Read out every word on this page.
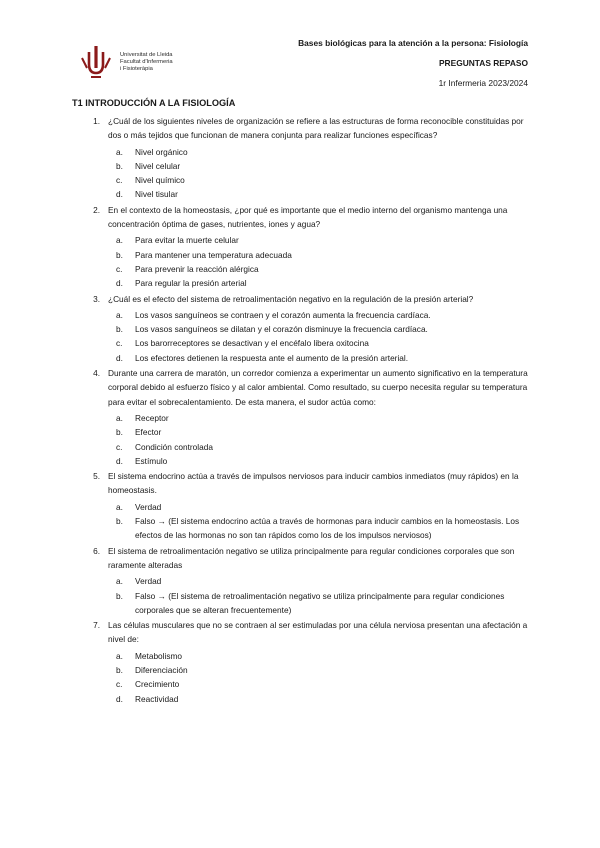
Universitat de Lleida
Facultat d'Infermeria
i Fisioteràpia
Bases biológicas para la atención a la persona: Fisiología
PREGUNTAS REPASO
1r Infermeria 2023/2024
T1 INTRODUCCIÓN A LA FISIOLOGÍA
1. ¿Cuál de los siguientes niveles de organización se refiere a las estructuras de forma reconocible constituidas por dos o más tejidos que funcionan de manera conjunta para realizar funciones específicas?
a.	Nivel orgánico
b.	Nivel celular
c.	Nivel químico
d.	Nivel tisular
2. En el contexto de la homeostasis, ¿por qué es importante que el medio interno del organismo mantenga una concentración óptima de gases, nutrientes, iones y agua?
a.	Para evitar la muerte celular
b.	Para mantener una temperatura adecuada
c.	Para prevenir la reacción alérgica
d.	Para regular la presión arterial
3. ¿Cuál es el efecto del sistema de retroalimentación negativo en la regulación de la presión arterial?
a.	Los vasos sanguíneos se contraen y el corazón aumenta la frecuencia cardíaca.
b.	Los vasos sanguíneos se dilatan y el corazón disminuye la frecuencia cardíaca.
c.	Los barorreceptores se desactivan y el encéfalo libera oxitocina
d.	Los efectores detienen la respuesta ante el aumento de la presión arterial.
4. Durante una carrera de maratón, un corredor comienza a experimentar un aumento significativo en la temperatura corporal debido al esfuerzo físico y al calor ambiental. Como resultado, su cuerpo necesita regular su temperatura para evitar el sobrecalentamiento. De esta manera, el sudor actúa como:
a.	Receptor
b.	Efector
c.	Condición controlada
d.	Estímulo
5. El sistema endocrino actúa a través de impulsos nerviosos para inducir cambios inmediatos (muy rápidos) en la homeostasis.
a.	Verdad
b.	Falso → (El sistema endocrino actúa a través de hormonas para inducir cambios en la homeostasis. Los efectos de las hormonas no son tan rápidos como los de los impulsos nerviosos)
6. El sistema de retroalimentación negativo se utiliza principalmente para regular condiciones corporales que son raramente alteradas
a.	Verdad
b.	Falso → (El sistema de retroalimentación negativo se utiliza principalmente para regular condiciones corporales que se alteran frecuentemente)
7. Las células musculares que no se contraen al ser estimuladas por una célula nerviosa presentan una afectación a nivel de:
a.	Metabolismo
b.	Diferenciación
c.	Crecimiento
d.	Reactividad
